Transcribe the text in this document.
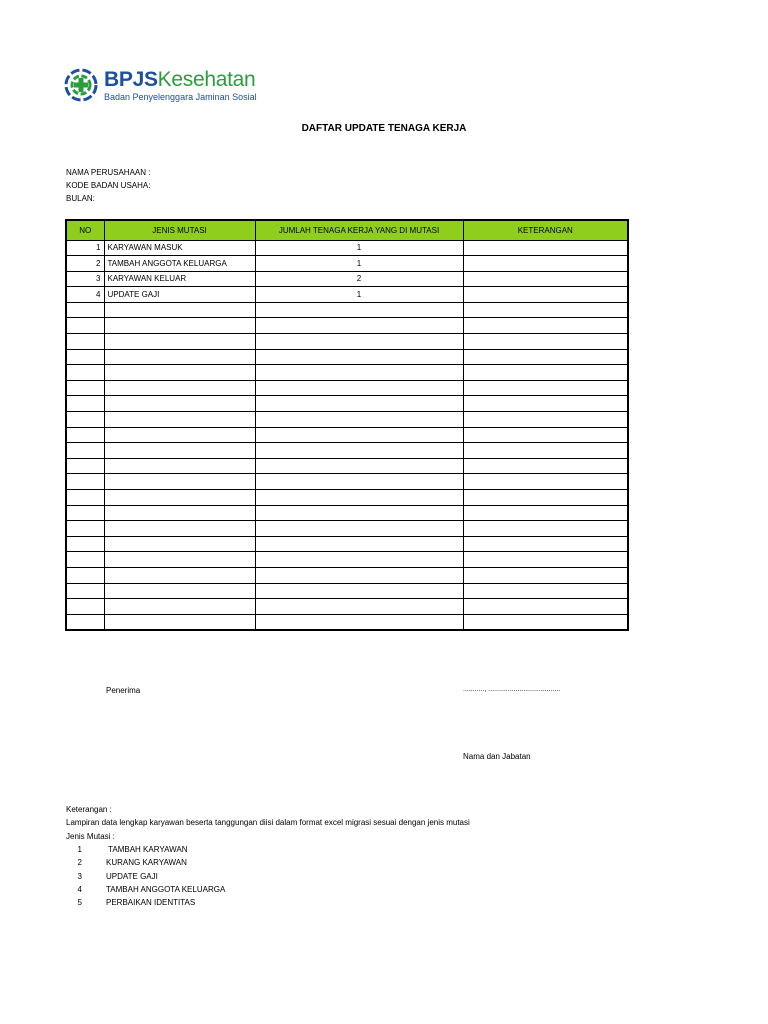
BPJSKesehatan
Badan Penyelenggara Jaminan Sosial
DAFTAR UPDATE TENAGA KERJA
NAMA PERUSAHAAN :
KODE BADAN USAHA:
BULAN:
NO	JENIS MUTASI	JUMLAH TENAGA KERJA YANG DI MUTASI	KETERANGAN
1	KARYAWAN MASUK	1	
2	TAMBAH ANGGOTA KELUARGA	1	
3	KARYAWAN KELUAR	2	
4	UPDATE GAJI	1	

Penerima	..........., .....................................
Nama dan Jabatan
Keterangan :
Lampiran data lengkap karyawan beserta tanggungan diisi dalam format excel migrasi sesuai dengan jenis mutasi
Jenis Mutasi :
1	TAMBAH KARYAWAN
2	KURANG KARYAWAN
3	UPDATE GAJI
4	TAMBAH ANGGOTA KELUARGA
5	PERBAIKAN IDENTITAS
